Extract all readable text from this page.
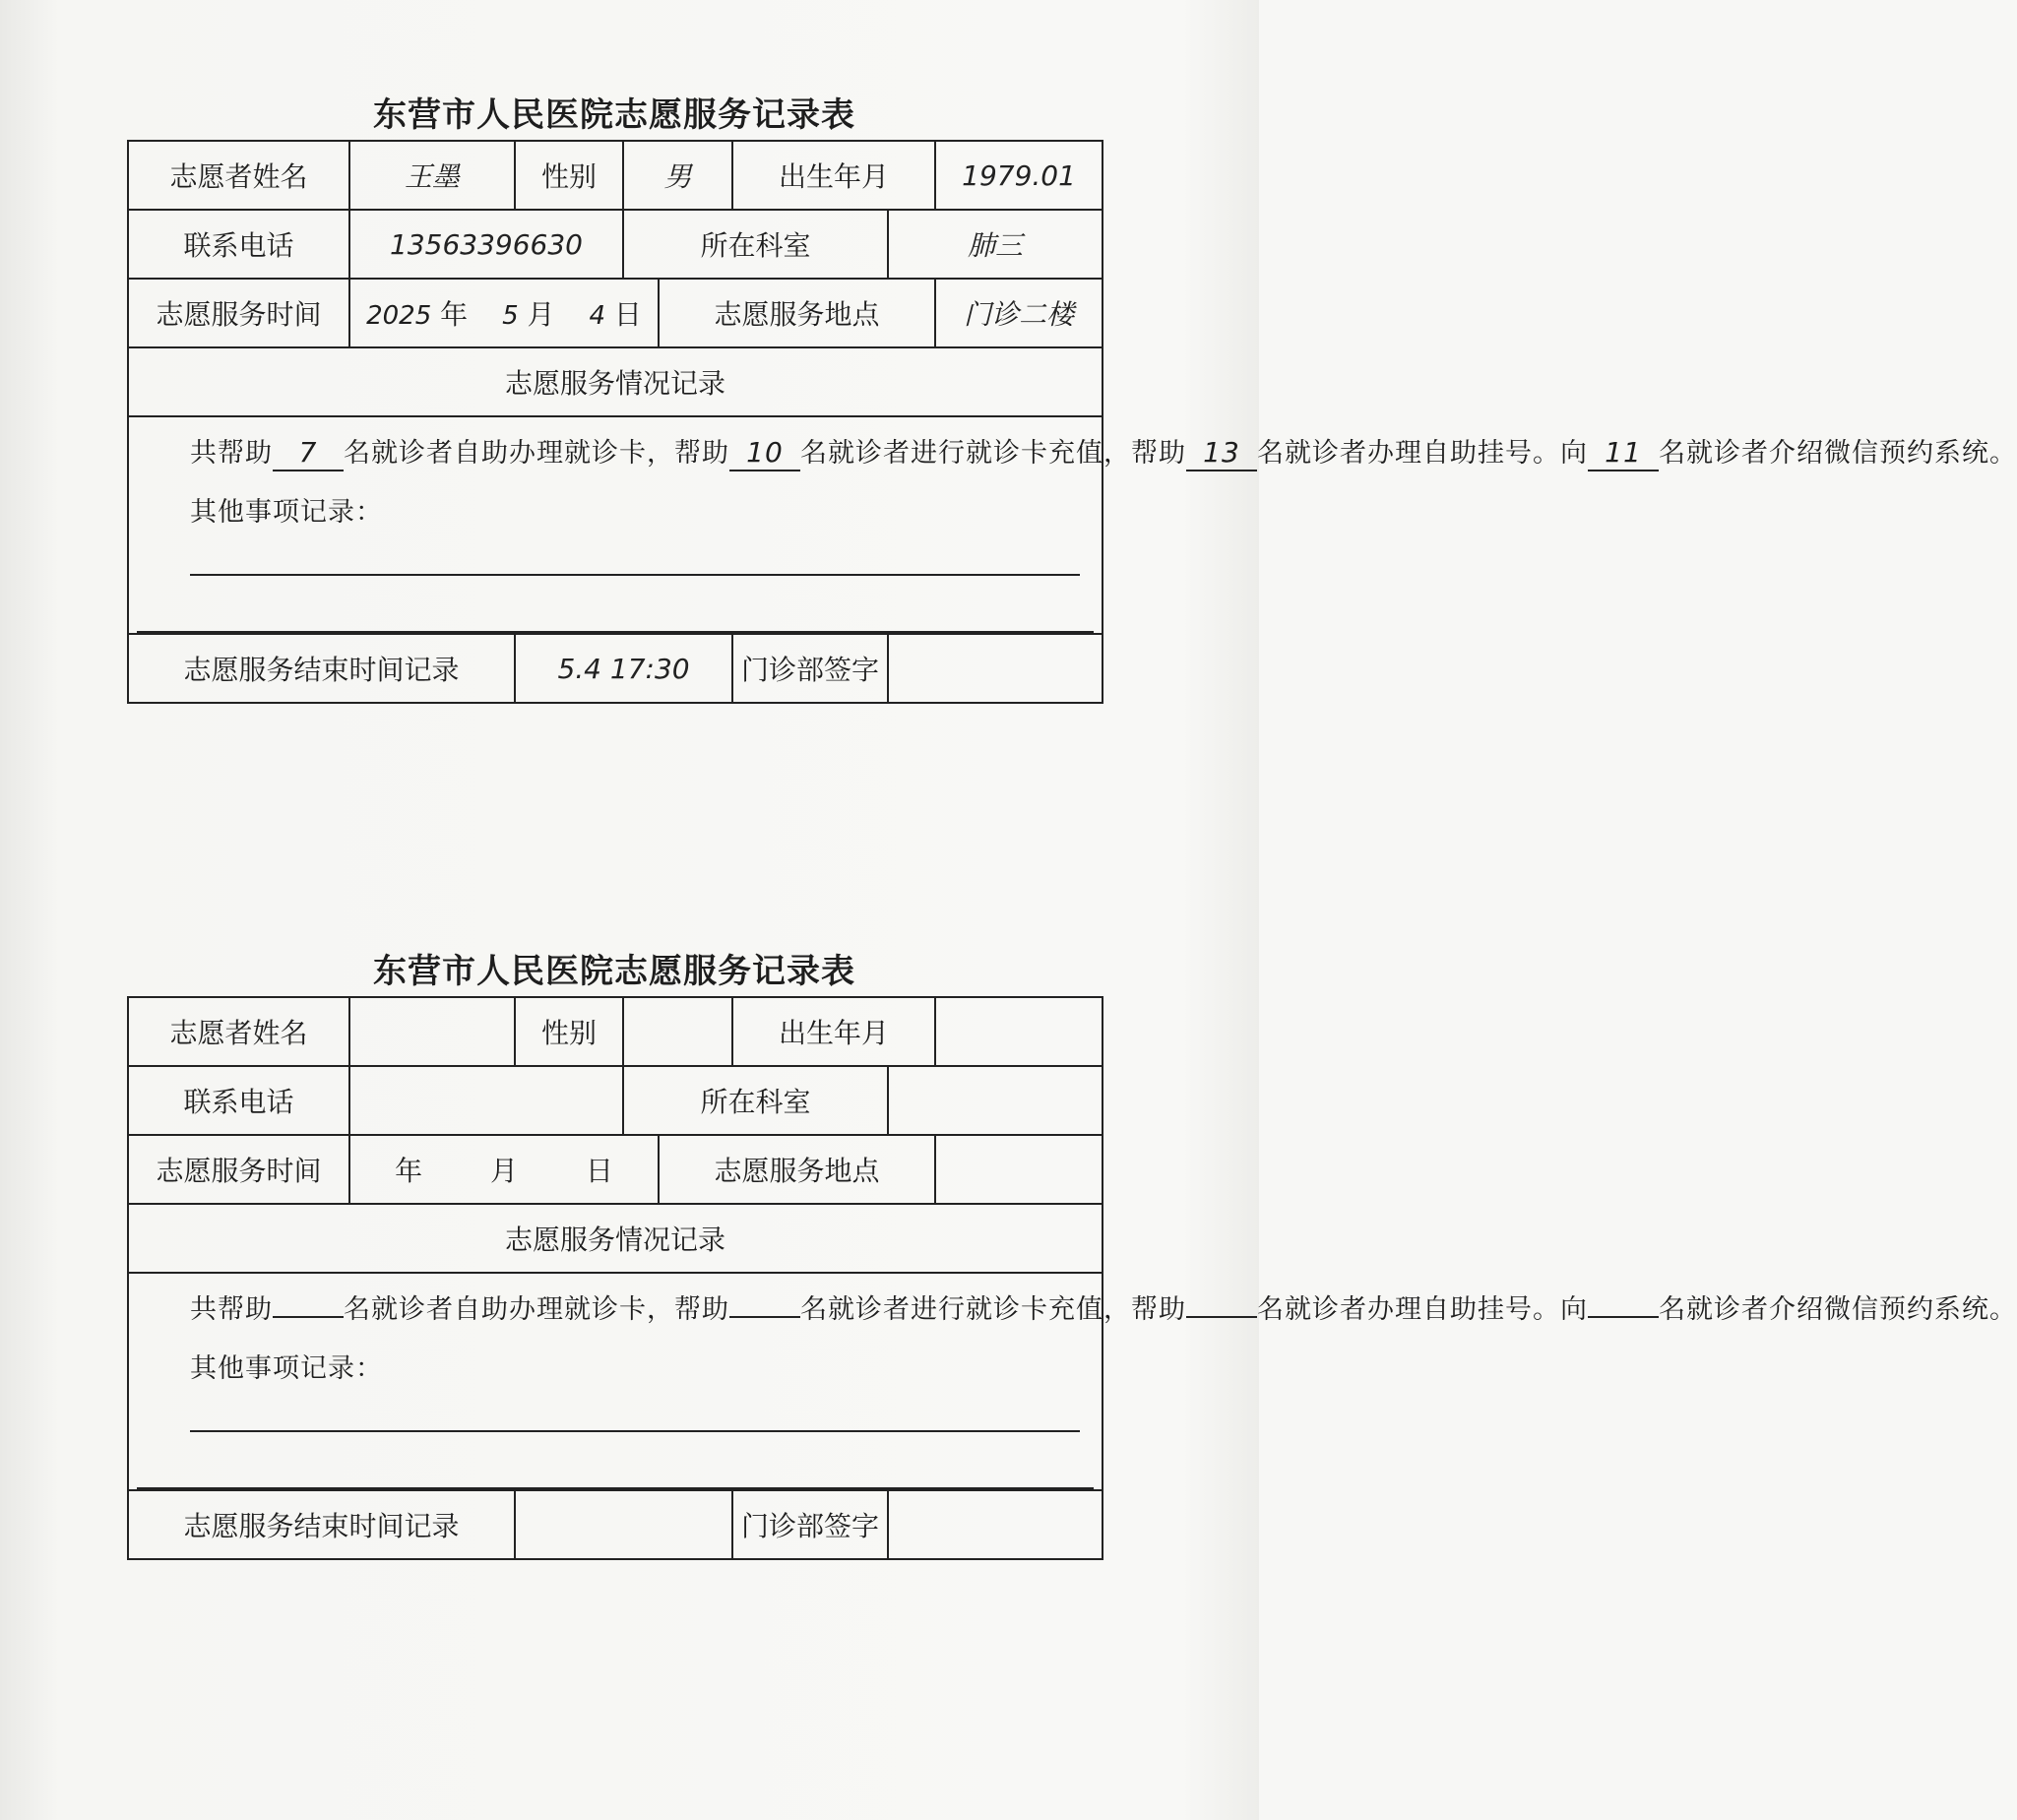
东营市人民医院志愿服务记录表
志愿者姓名	王墨	性别	男		出生年月		1979.01
联系电话	13563396630		所在科室			肺三	
志愿服务时间	2025 年 5 月 4 日			志愿服务地点			门诊二楼
志愿服务情况记录							

共帮助 7 名就诊者自助办理就诊卡，帮助 10 名就诊者进行就诊卡充值，帮助 13 名就诊者办理自助挂号。向 11 名就诊者介绍微信预约系统。
其他事项记录：							

志愿服务结束时间记录		5.4 17:30			门诊部签字		
东营市人民医院志愿服务记录表
志愿者姓名		性别			出生年月		
联系电话			所在科室				
志愿服务时间	年 月 日			志愿服务地点			
志愿服务情况记录							

共帮助 名就诊者自助办理就诊卡，帮助 名就诊者进行就诊卡充值，帮助 名就诊者办理自助挂号。向 名就诊者介绍微信预约系统。
其他事项记录：							

志愿服务结束时间记录					门诊部签字		
